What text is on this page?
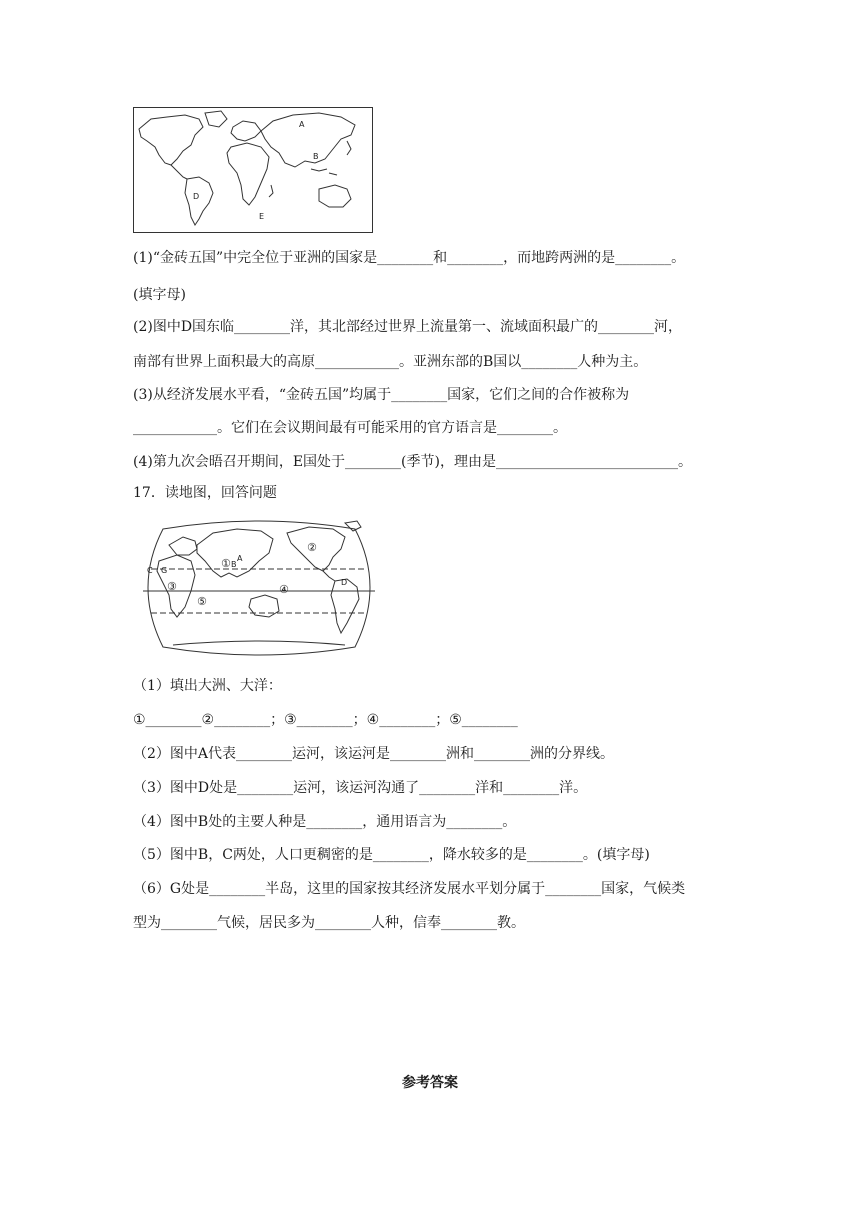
A
B
D
E
(1)“金砖五国”中完全位于亚洲的国家是________和________，而地跨两洲的是________。
(填字母)
(2)图中D国东临________洋，其北部经过世界上流量第一、流域面积最广的________河，
南部有世界上面积最大的高原____________。亚洲东部的B国以________人种为主。
(3)从经济发展水平看，“金砖五国”均属于________国家，它们之间的合作被称为
____________。它们在会议期间最有可能采用的官方语言是________。
(4)第九次会晤召开期间，E国处于________(季节)，理由是__________________________。
17．读地图，回答问题
①
②
③	④
⑤
A
B
C
D
G
（1）填出大洲、大洋：
①________②________；③________；④________；⑤________
（2）图中A代表________运河，该运河是________洲和________洲的分界线。
（3）图中D处是________运河，该运河沟通了________洋和________洋。
（4）图中B处的主要人种是________，通用语言为________。
（5）图中B，C两处，人口更稠密的是________，降水较多的是________。(填字母)
（6）G处是________半岛，这里的国家按其经济发展水平划分属于________国家，气候类
型为________气候，居民多为________人种，信奉________教。
参考答案
